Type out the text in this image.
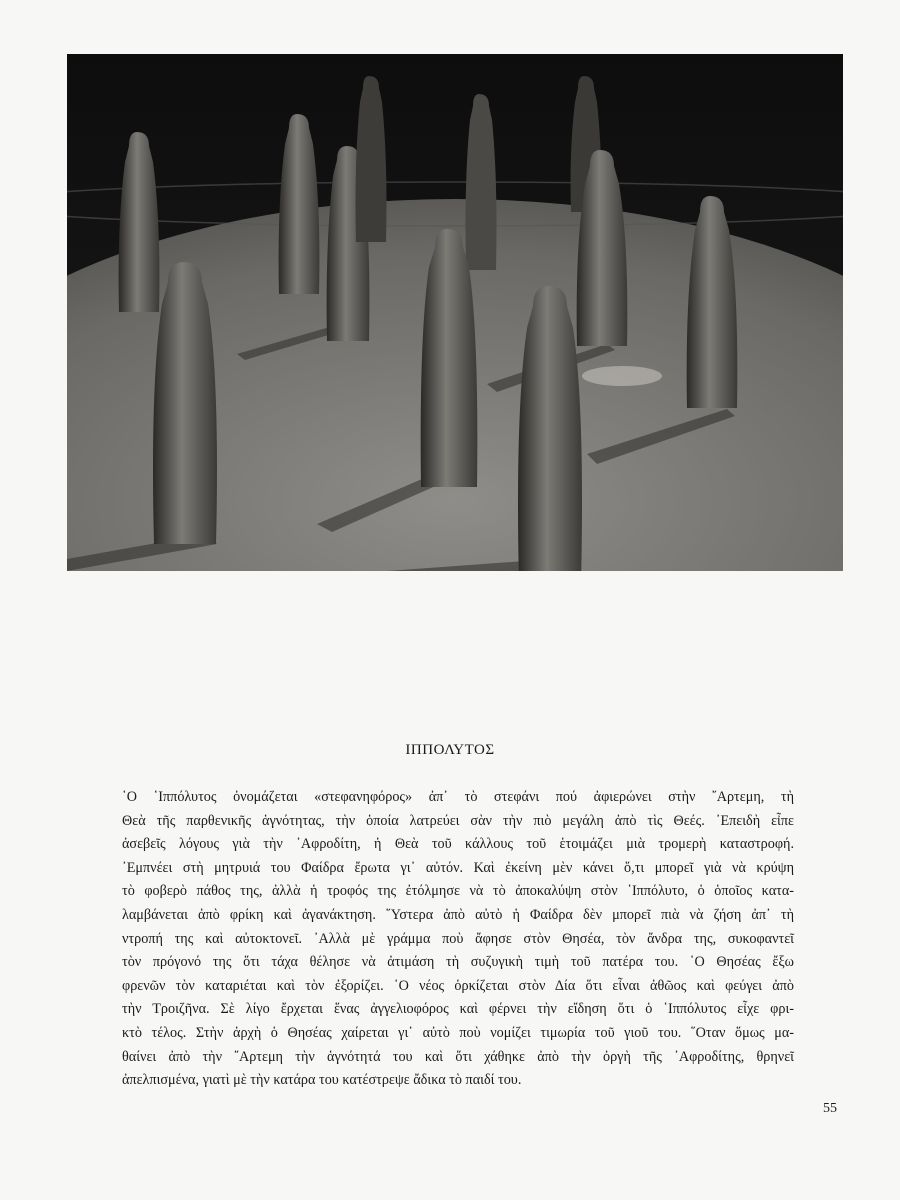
ΙΠΠΟΛΥΤΟΣ
῾Ο ῾Ιππόλυτος ὀνομάζεται «στεφανηφόρος» ἀπ᾽ τὸ στεφάνι πού ἀφιερώνει στὴν ῎Αρτεμη, τὴ
Θεὰ τῆς παρθενικῆς ἁγνότητας, τὴν ὁποία λατρεύει σὰν τὴν πιὸ μεγάλη ἀπὸ τὶς Θεές. ᾽Επειδὴ εἶπε
ἀσεβεῖς λόγους γιὰ τὴν ᾽Αφροδίτη, ἡ Θεὰ τοῦ κάλλους τοῦ ἑτοιμάζει μιὰ τρομερὴ καταστροφή.
᾽Εμπνέει στὴ μητρυιά του Φαίδρα ἔρωτα γι᾽ αὐτόν. Καὶ ἐκείνη μὲν κάνει ὅ,τι μπορεῖ γιὰ νὰ κρύψη
τὸ φοβερὸ πάθος της, ἀλλὰ ἡ τροφός της ἐτόλμησε νὰ τὸ ἀποκαλύψη στὸν ῾Ιππόλυτο, ὁ ὁποῖος κατα-
λαμβάνεται ἀπὸ φρίκη καὶ ἀγανάκτηση. ῞Υστερα ἀπὸ αὐτὸ ἡ Φαίδρα δὲν μπορεῖ πιὰ νὰ ζήση ἀπ᾽ τὴ
ντροπή της καὶ αὐτοκτονεῖ. ᾽Αλλὰ μὲ γράμμα ποὺ ἄφησε στὸν Θησέα, τὸν ἄνδρα της, συκοφαντεῖ
τὸν πρόγονό της ὅτι τάχα θέλησε νὰ ἀτιμάση τὴ συζυγικὴ τιμὴ τοῦ πατέρα του. ῾Ο Θησέας ἔξω
φρενῶν τὸν καταριέται καὶ τὸν ἐξορίζει. ῾Ο νέος ὁρκίζεται στὸν Δία ὅτι εἶναι ἀθῶος καὶ φεύγει ἀπὸ
τὴν Τροιζῆνα. Σὲ λίγο ἔρχεται ἕνας ἀγγελιοφόρος καὶ φέρνει τὴν εἴδηση ὅτι ὁ ῾Ιππόλυτος εἶχε φρι-
κτὸ τέλος. Στὴν ἀρχὴ ὁ Θησέας χαίρεται γι᾽ αὐτὸ ποὺ νομίζει τιμωρία τοῦ γιοῦ του. ῞Οταν ὅμως μα-
θαίνει ἀπὸ τὴν ῎Αρτεμη τὴν ἁγνότητά του καὶ ὅτι χάθηκε ἀπὸ τὴν ὀργὴ τῆς ᾽Αφροδίτης, θρηνεῖ
ἀπελπισμένα, γιατὶ μὲ τὴν κατάρα του κατέστρεψε ἄδικα τὸ παιδί του.
55
